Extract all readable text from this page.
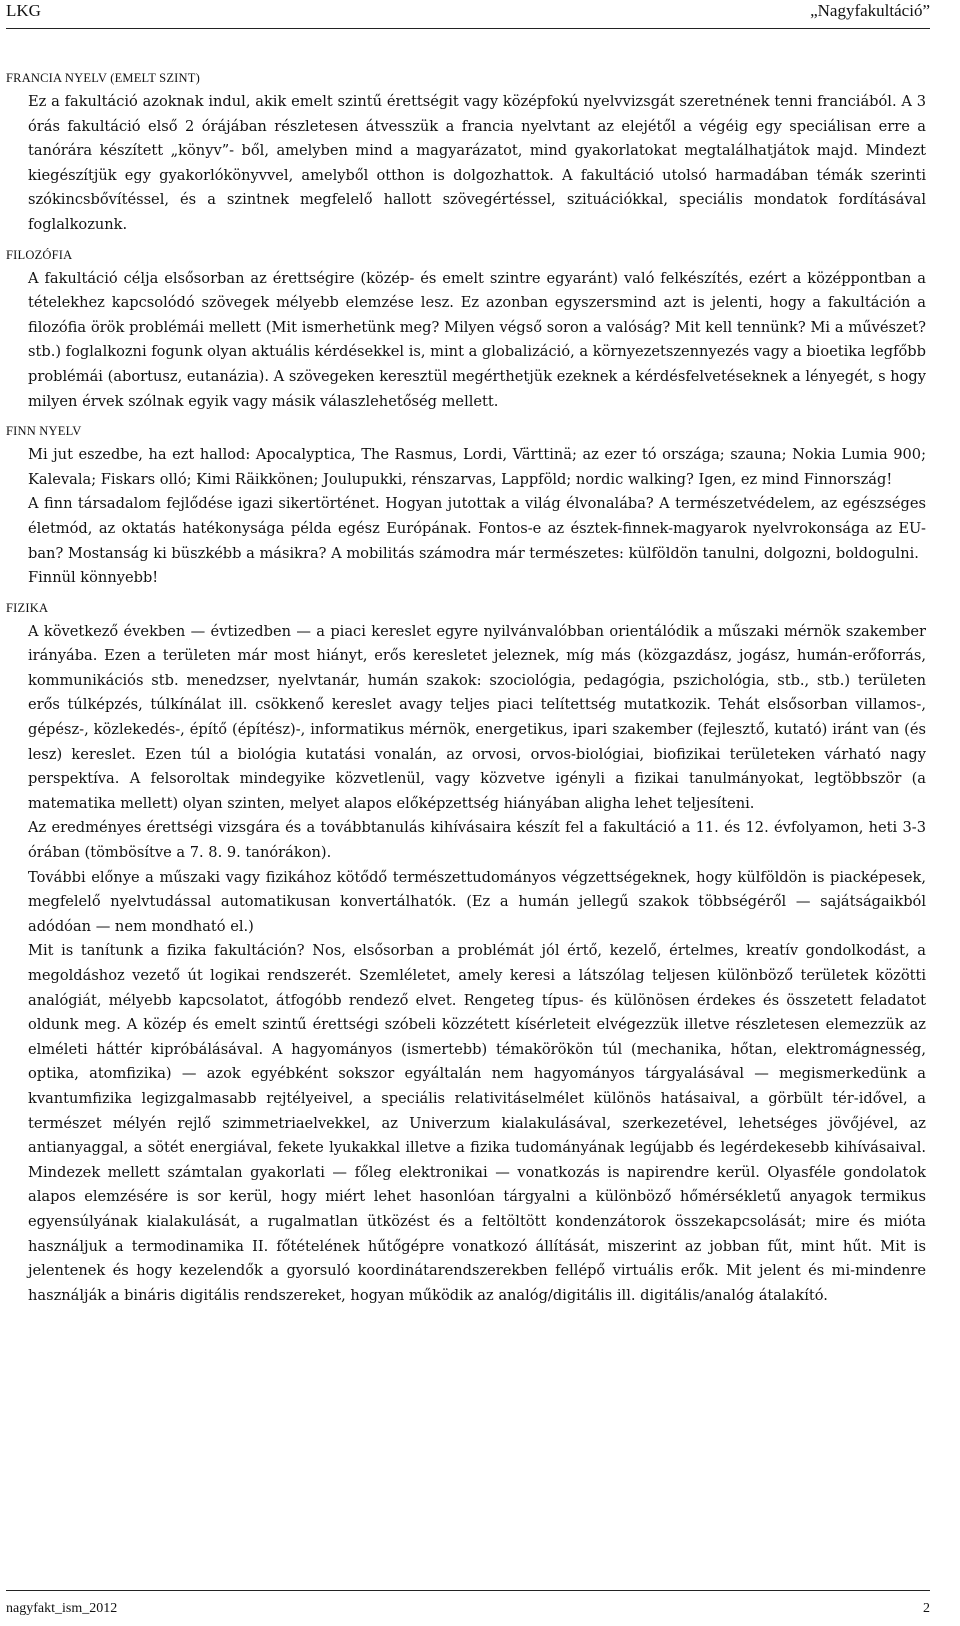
LKG	„Nagyfakultáció”
FRANCIA NYELV (EMELT SZINT)

Ez a fakultáció azoknak indul, akik emelt szintű érettségit vagy középfokú nyelvvizsgát szeretnének tenni franciából. A 3 órás fakultáció első 2 órájában részletesen átvesszük a francia nyelvtant az elejétől a végéig egy speciálisan erre a tanórára készített „könyv”- ből, amelyben mind a magyarázatot, mind gyakorlatokat megtalálhatjátok majd. Mindezt kiegészítjük egy gyakorlókönyvvel, amelyből otthon is dolgozhattok. A fakultáció utolsó harmadában témák szerinti szókincsbővítéssel, és a szintnek megfelelő hallott szövegértéssel, szituációkkal, speciális mondatok fordításával foglalkozunk.

FILOZÓFIA

A fakultáció célja elsősorban az érettségire (közép- és emelt szintre egyaránt) való felkészítés, ezért a középpontban a tételekhez kapcsolódó szövegek mélyebb elemzése lesz. Ez azonban egyszersmind azt is jelenti, hogy a fakultáción a filozófia örök problémái mellett (Mit ismerhetünk meg? Milyen végső soron a valóság? Mit kell tennünk? Mi a művészet? stb.) foglalkozni fogunk olyan aktuális kérdésekkel is, mint a globalizáció, a környezetszennyezés vagy a bioetika legfőbb problémái (abortusz, eutanázia). A szövegeken keresztül megérthetjük ezeknek a kérdésfelvetéseknek a lényegét, s hogy milyen érvek szólnak egyik vagy másik válaszlehetőség mellett.

FINN NYELV

Mi jut eszedbe, ha ezt hallod: Apocalyptica, The Rasmus, Lordi, Värttinä; az ezer tó országa; szauna; Nokia Lumia 900; Kalevala; Fiskars olló; Kimi Räikkönen; Joulupukki, rénszarvas, Lappföld; nordic walking? Igen, ez mind Finnország!

A finn társadalom fejlődése igazi sikertörténet. Hogyan jutottak a világ élvonalába? A természetvédelem, az egészséges életmód, az oktatás hatékonysága példa egész Európának. Fontos-e az észtek-finnek-magyarok nyelvrokonsága az EU-ban? Mostanság ki büszkébb a másikra? A mobilitás számodra már természetes: külföldön tanulni, dolgozni, boldogulni.

Finnül könnyebb!

FIZIKA

A következő években — évtizedben — a piaci kereslet egyre nyilvánvalóbban orientálódik a műszaki mérnök szakember irányába. Ezen a területen már most hiányt, erős keresletet jeleznek, míg más (közgazdász, jogász, humán-erőforrás, kommunikációs stb. menedzser, nyelvtanár, humán szakok: szociológia, pedagógia, pszichológia, stb., stb.) területen erős túlképzés, túlkínálat ill. csökkenő kereslet avagy teljes piaci telítettség mutatkozik. Tehát elsősorban villamos-, gépész-, közlekedés-, építő (építész)-, informatikus mérnök, energetikus, ipari szakember (fejlesztő, kutató) iránt van (és lesz) kereslet. Ezen túl a biológia kutatási vonalán, az orvosi, orvos-biológiai, biofizikai területeken várható nagy perspektíva. A felsoroltak mindegyike közvetlenül, vagy közvetve igényli a fizikai tanulmányokat, legtöbbször (a matematika mellett) olyan szinten, melyet alapos előképzettség hiányában aligha lehet teljesíteni.

Az eredményes érettségi vizsgára és a továbbtanulás kihívásaira készít fel a fakultáció a 11. és 12. évfolyamon, heti 3-3 órában (tömbösítve a 7. 8. 9. tanórákon).

További előnye a műszaki vagy fizikához kötődő természettudományos végzettségeknek, hogy külföldön is piacképesek, megfelelő nyelvtudással automatikusan konvertálhatók. (Ez a humán jellegű szakok többségéről — sajátságaikból adódóan — nem mondható el.)

Mit is tanítunk a fizika fakultáción? Nos, elsősorban a problémát jól értő, kezelő, értelmes, kreatív gondolkodást, a megoldáshoz vezető út logikai rendszerét. Szemléletet, amely keresi a látszólag teljesen különböző területek közötti analógiát, mélyebb kapcsolatot, átfogóbb rendező elvet. Rengeteg típus- és különösen érdekes és összetett feladatot oldunk meg. A közép és emelt szintű érettségi szóbeli közzétett kísérleteit elvégezzük illetve részletesen elemezzük az elméleti háttér kipróbálásával. A hagyományos (ismertebb) témakörökön túl (mechanika, hőtan, elektromágnesség, optika, atomfizika) — azok egyébként sokszor egyáltalán nem hagyományos tárgyalásával — megismerkedünk a kvantumfizika legizgalmasabb rejtélyeivel, a speciális relativitáselmélet különös hatásaival, a görbült tér-idővel, a természet mélyén rejlő szimmetriaelvekkel, az Univerzum kialakulásával, szerkezetével, lehetséges jövőjével, az antianyaggal, a sötét energiával, fekete lyukakkal illetve a fizika tudományának legújabb és legérdekesebb kihívásaival. Mindezek mellett számtalan gyakorlati — főleg elektronikai — vonatkozás is napirendre kerül. Olyasféle gondolatok alapos elemzésére is sor kerül, hogy miért lehet hasonlóan tárgyalni a különböző hőmérsékletű anyagok termikus egyensúlyának kialakulását, a rugalmatlan ütközést és a feltöltött kondenzátorok összekapcsolását; mire és mióta használjuk a termodinamika II. főtételének hűtőgépre vonatkozó állítását, miszerint az jobban fűt, mint hűt. Mit is jelentenek és hogy kezelendők a gyorsuló koordinátarendszerekben fellépő virtuális erők. Mit jelent és mi-mindenre használják a bináris digitális rendszereket, hogyan működik az analóg/digitális ill. digitális/analóg átalakító.

nagyfakt_ism_2012	2
